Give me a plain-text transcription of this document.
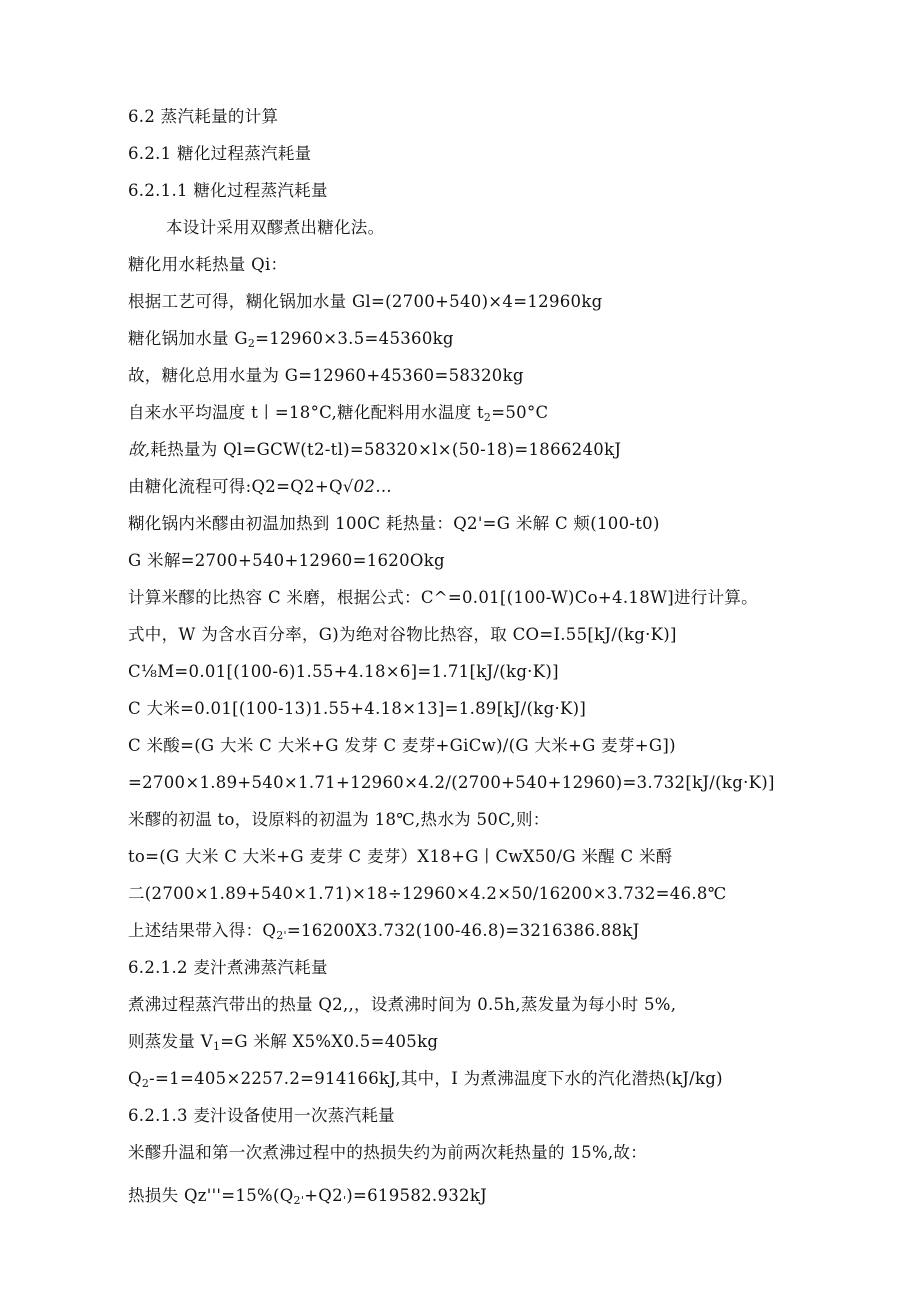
6.2 蒸汽耗量的计算
6.2.1 糖化过程蒸汽耗量
6.2.1.1 糖化过程蒸汽耗量
本设计采用双醪煮出糖化法。
糖化用水耗热量 Qi：
根据工艺可得，糊化锅加水量 Gl=(2700+540)×4=12960kg
糖化锅加水量 $G_2=12960\times 3.5=45360kg$
故，糖化总用水量为 G=12960+45360=58320kg
自来水平均温度 t丨=18°C,糖化配料用水温度 $t_2=50^\circ C$
故,耗热量为 Ql=GCW(t2-tl)=58320×l×(50-18)=1866240kJ
由糖化流程可得:Q2=Q2+Q√02…
糊化锅内米醪由初温加热到 100C 耗热量：Q2'=G 米解 C 颊(100-t0)
G 米解=2700+540+12960=1620Okg
计算米醪的比热容 C 米磨，根据公式：C^=0.01[(100-W)Co+4.18W]进行计算。
式中，W 为含水百分率，G)为绝对谷物比热容，取 CO=I.55[kJ/(kg·K)]
C⅛M=0.01[(100-6)1.55+4.18×6]=1.71[kJ/(kg·K)]
C 大米=0.01[(100-13)1.55+4.18×13]=1.89[kJ/(kg·K)]
C 米酸=(G 大米 C 大米+G 发芽 C 麦芽+GiCw)/(G 大米+G 麦芽+G])
=2700×1.89+540×1.71+12960×4.2/(2700+540+12960)=3.732[kJ/(kg·K)]
米醪的初温 to，设原料的初温为 18℃,热水为 50C,则：
to=(G 大米 C 大米+G 麦芽 C 麦芽）X18+G丨CwX50/G 米醒 C 米酹
二(2700×1.89+540×1.71)×18÷12960×4.2×50/16200×3.732=46.8℃
上述结果带入得：$Q_{2'}=16200X3.732(100-46.8)=3216386.88kJ$
6.2.1.2 麦汁煮沸蒸汽耗量
煮沸过程蒸汽带出的热量 Q2,,，设煮沸时间为 0.5h,蒸发量为每小时 5%,
则蒸发量 $V_1=G$ 米解 X5%X0.5=405kg
$Q_2-=1=405\times 2257.2=914166kJ$,其中，I 为煮沸温度下水的汽化潜热(kJ/kg)
6.2.1.3 麦汁设备使用一次蒸汽耗量
米醪升温和第一次煮沸过程中的热损失约为前两次耗热量的 15%,故：
热损失 $Qz'''=15\%(Q_{2'}+Q2')=619582.932kJ$
